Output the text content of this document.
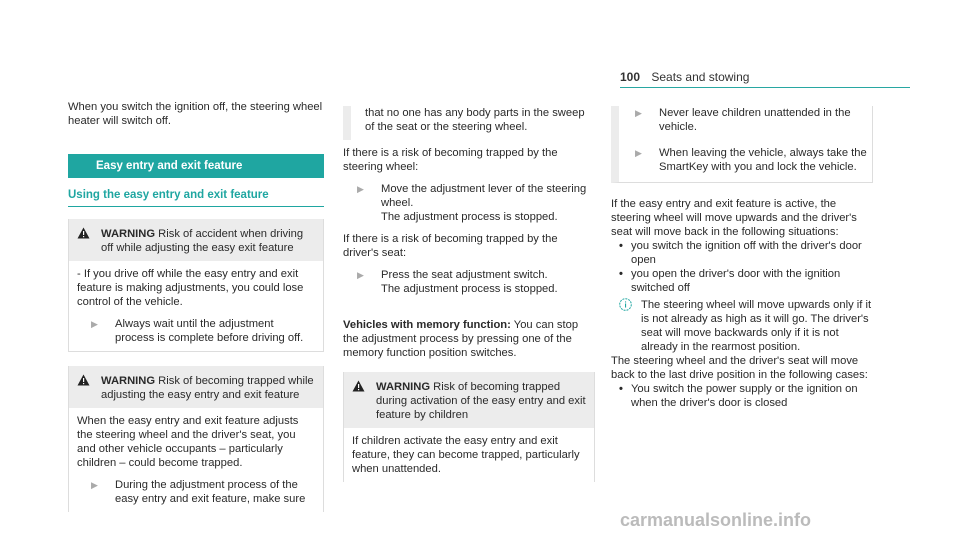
100 Seats and stowing

When you switch the ignition off, the steering wheel heater will switch off.

Easy entry and exit feature
Using the easy entry and exit feature
WARNING Risk of accident when driving off while adjusting the easy exit feature

- If you drive off while the easy entry and exit feature is making adjustments, you could lose control of the vehicle.

▶	Always wait until the adjustment process is complete before driving off.
WARNING Risk of becoming trapped while adjusting the easy entry and exit feature

When the easy entry and exit feature adjusts the steering wheel and the driver's seat, you and other vehicle occupants – particularly children – could become trapped.

▶	During the adjustment process of the easy entry and exit feature, make sure

that no one has any body parts in the sweep of the seat or the steering wheel.

If there is a risk of becoming trapped by the steering wheel:

▶	Move the adjustment lever of the steering wheel.
The adjustment process is stopped.

If there is a risk of becoming trapped by the driver's seat:

▶	Press the seat adjustment switch.
The adjustment process is stopped.

Vehicles with memory function: You can stop the adjustment process by pressing one of the memory function position switches.

WARNING Risk of becoming trapped during activation of the easy entry and exit feature by children

If children activate the easy entry and exit feature, they can become trapped, particularly when unattended.

▶	Never leave children unattended in the vehicle.
▶	When leaving the vehicle, always take the SmartKey with you and lock the vehicle.

If the easy entry and exit feature is active, the steering wheel will move upwards and the driver's seat will move back in the following situations:

• you switch the ignition off with the driver's door open
• you open the driver's door with the ignition switched off
The steering wheel will move upwards only if it is not already as high as it will go. The driver's seat will move backwards only if it is not already in the rearmost position.

The steering wheel and the driver's seat will move back to the last drive position in the following cases:

• You switch the power supply or the ignition on when the driver's door is closed
carmanualsonline.info
